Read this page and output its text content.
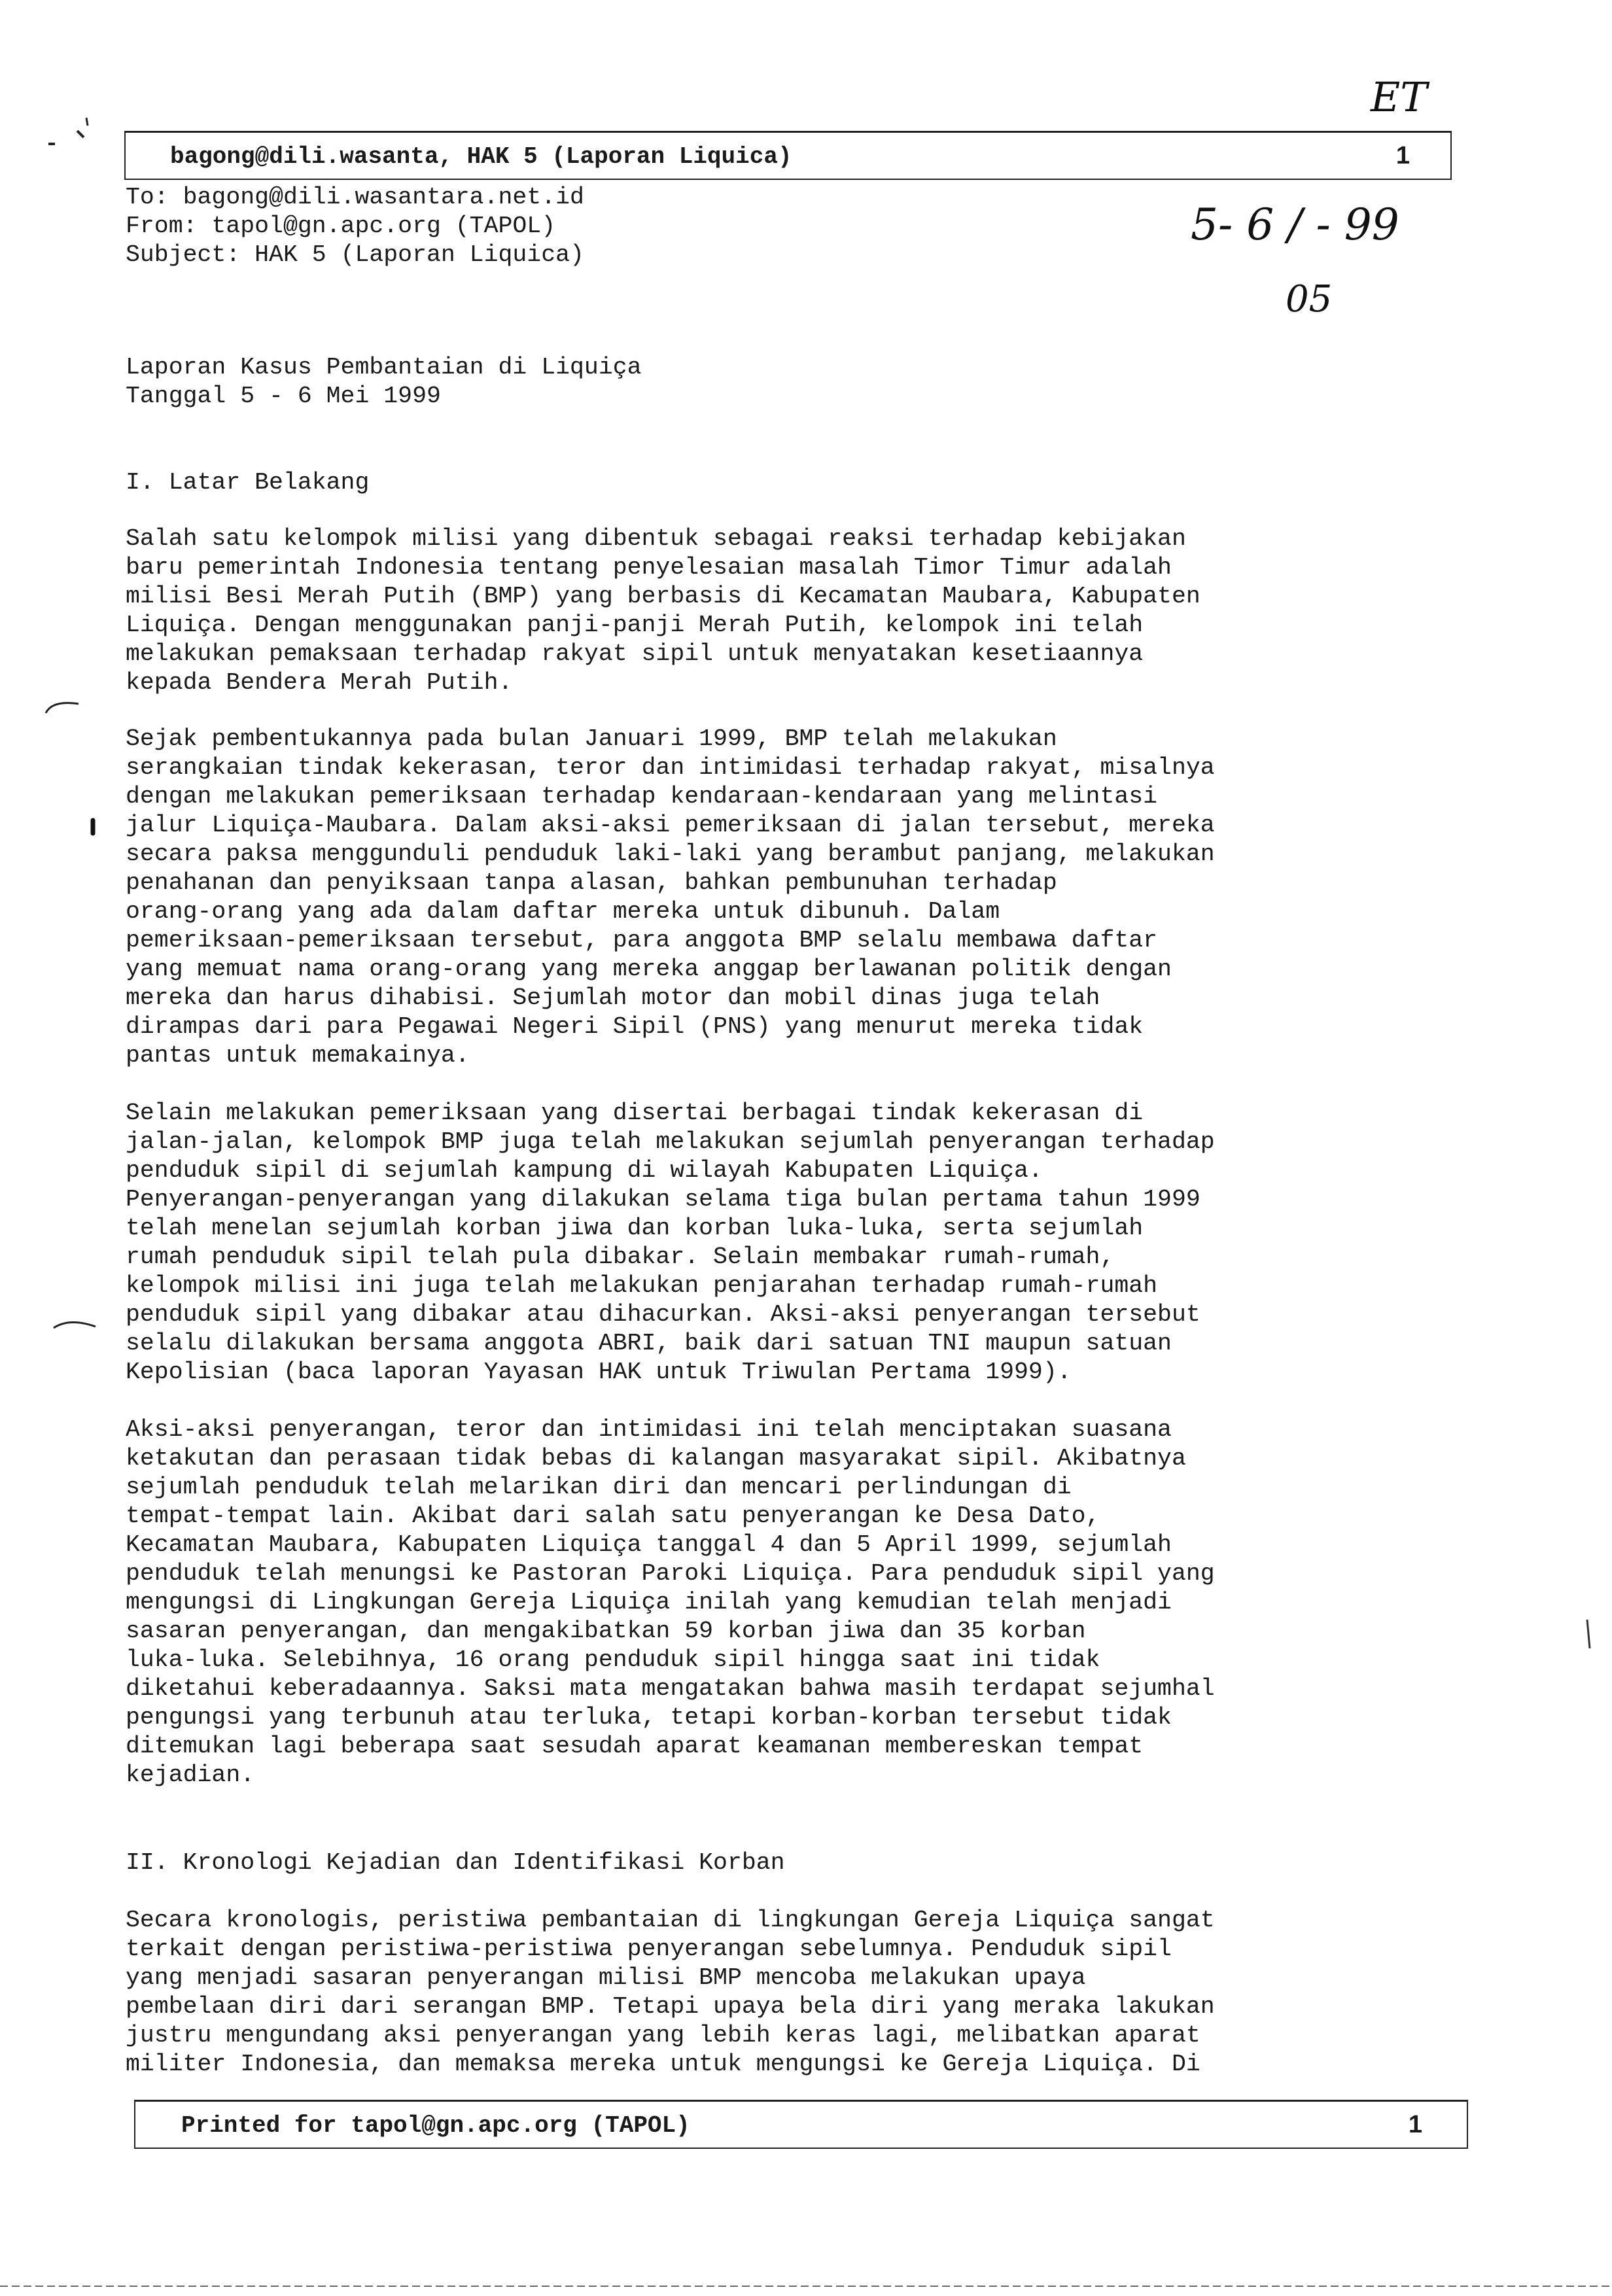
ET
5- 6 / - 99
05
bagong@dili.wasanta, HAK 5 (Laporan Liquica)	1
To: bagong@dili.wasantara.net.id
From: tapol@gn.apc.org (TAPOL)
Subject: HAK 5 (Laporan Liquica)
Laporan Kasus Pembantaian di Liquiça
Tanggal 5 - 6 Mei 1999
I. Latar Belakang
Salah satu kelompok milisi yang dibentuk sebagai reaksi terhadap kebijakan
baru pemerintah Indonesia tentang penyelesaian masalah Timor Timur adalah
milisi Besi Merah Putih (BMP) yang berbasis di Kecamatan Maubara, Kabupaten
Liquiça. Dengan menggunakan panji-panji Merah Putih, kelompok ini telah
melakukan pemaksaan terhadap rakyat sipil untuk menyatakan kesetiaannya
kepada Bendera Merah Putih.
Sejak pembentukannya pada bulan Januari 1999, BMP telah melakukan
serangkaian tindak kekerasan, teror dan intimidasi terhadap rakyat, misalnya
dengan melakukan pemeriksaan terhadap kendaraan-kendaraan yang melintasi
jalur Liquiça-Maubara. Dalam aksi-aksi pemeriksaan di jalan tersebut, mereka
secara paksa menggunduli penduduk laki-laki yang berambut panjang, melakukan
penahanan dan penyiksaan tanpa alasan, bahkan pembunuhan terhadap
orang-orang yang ada dalam daftar mereka untuk dibunuh. Dalam
pemeriksaan-pemeriksaan tersebut, para anggota BMP selalu membawa daftar
yang memuat nama orang-orang yang mereka anggap berlawanan politik dengan
mereka dan harus dihabisi. Sejumlah motor dan mobil dinas juga telah
dirampas dari para Pegawai Negeri Sipil (PNS) yang menurut mereka tidak
pantas untuk memakainya.
Selain melakukan pemeriksaan yang disertai berbagai tindak kekerasan di
jalan-jalan, kelompok BMP juga telah melakukan sejumlah penyerangan terhadap
penduduk sipil di sejumlah kampung di wilayah Kabupaten Liquiça.
Penyerangan-penyerangan yang dilakukan selama tiga bulan pertama tahun 1999
telah menelan sejumlah korban jiwa dan korban luka-luka, serta sejumlah
rumah penduduk sipil telah pula dibakar. Selain membakar rumah-rumah,
kelompok milisi ini juga telah melakukan penjarahan terhadap rumah-rumah
penduduk sipil yang dibakar atau dihacurkan. Aksi-aksi penyerangan tersebut
selalu dilakukan bersama anggota ABRI, baik dari satuan TNI maupun satuan
Kepolisian (baca laporan Yayasan HAK untuk Triwulan Pertama 1999).
Aksi-aksi penyerangan, teror dan intimidasi ini telah menciptakan suasana
ketakutan dan perasaan tidak bebas di kalangan masyarakat sipil. Akibatnya
sejumlah penduduk telah melarikan diri dan mencari perlindungan di
tempat-tempat lain. Akibat dari salah satu penyerangan ke Desa Dato,
Kecamatan Maubara, Kabupaten Liquiça tanggal 4 dan 5 April 1999, sejumlah
penduduk telah menungsi ke Pastoran Paroki Liquiça. Para penduduk sipil yang
mengungsi di Lingkungan Gereja Liquiça inilah yang kemudian telah menjadi
sasaran penyerangan, dan mengakibatkan 59 korban jiwa dan 35 korban
luka-luka. Selebihnya, 16 orang penduduk sipil hingga saat ini tidak
diketahui keberadaannya. Saksi mata mengatakan bahwa masih terdapat sejumhal
pengungsi yang terbunuh atau terluka, tetapi korban-korban tersebut tidak
ditemukan lagi beberapa saat sesudah aparat keamanan membereskan tempat
kejadian.
II. Kronologi Kejadian dan Identifikasi Korban
Secara kronologis, peristiwa pembantaian di lingkungan Gereja Liquiça sangat
terkait dengan peristiwa-peristiwa penyerangan sebelumnya. Penduduk sipil
yang menjadi sasaran penyerangan milisi BMP mencoba melakukan upaya
pembelaan diri dari serangan BMP. Tetapi upaya bela diri yang meraka lakukan
justru mengundang aksi penyerangan yang lebih keras lagi, melibatkan aparat
militer Indonesia, dan memaksa mereka untuk mengungsi ke Gereja Liquiça. Di
Printed for tapol@gn.apc.org (TAPOL)	1
